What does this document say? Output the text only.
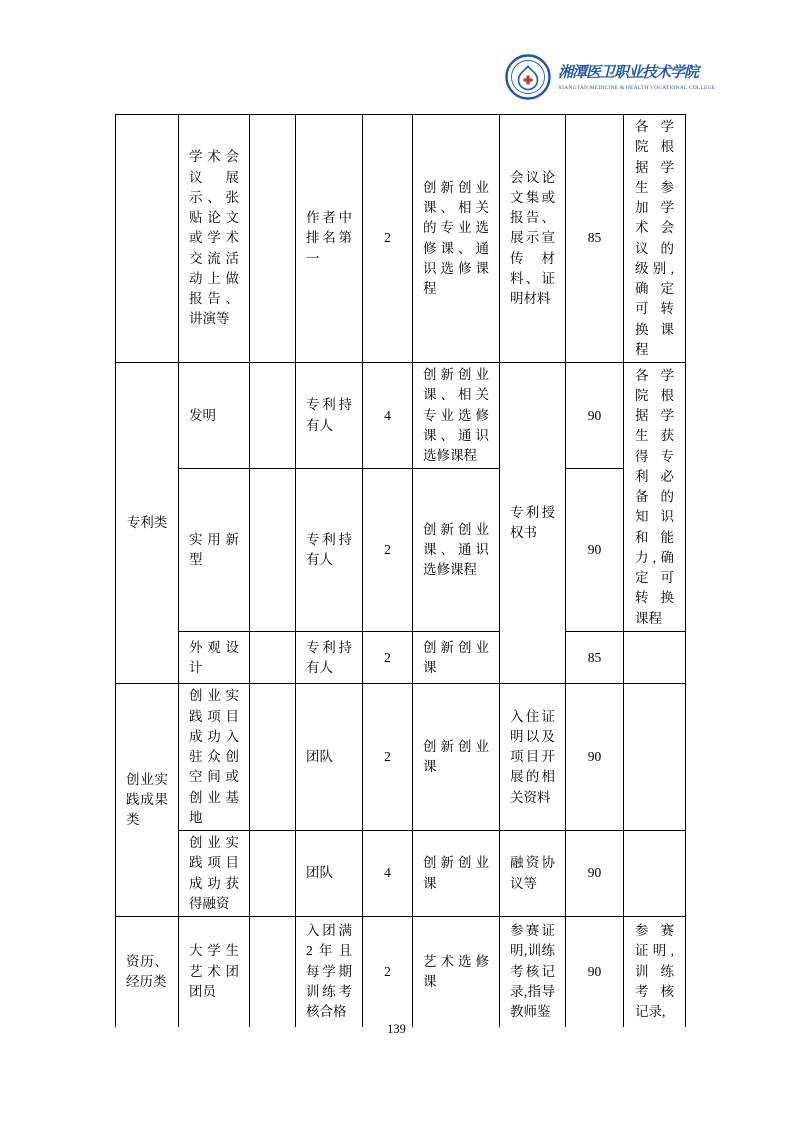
湘潭医卫职业技术学院
XIANGTAN MEDICINE & HEALTH VOCATIONAL COLLEGE
	学术会议展示、张贴论文或学术交流活动上做报告、讲演等		作者中排名第一	2	创新创业课、相关的专业选修课、通识选修课程	会议论文集或报告、展示宣传材料、证明材料	85	各学院根据学生参加学术会议的级别,确定可转换课程
专利类	发明		专利持有人	4	创新创业课、相关专业选修课、通识选修课程	专利授权书	90	各学院根据学生获得专利必备的知识和能力,确定可转换课程
	实用新型		专利持有人	2	创新创业课、通识选修课程		90	
	外观设计		专利持有人	2	创新创业课		85	
创业实践成果类	创业实践项目成功入驻众创空间或创业基地		团队	2	创新创业课	入住证明以及项目开展的相关资料	90	
	创业实践项目成功获得融资		团队	4	创新创业课	融资协议等	90	
资历、经历类	大学生艺术团团员		入团满2年且每学期训练考核合格	2	艺术选修课	参赛证明,训练考核记录,指导教师鉴	90	参赛证明,训练考核记录,
139
